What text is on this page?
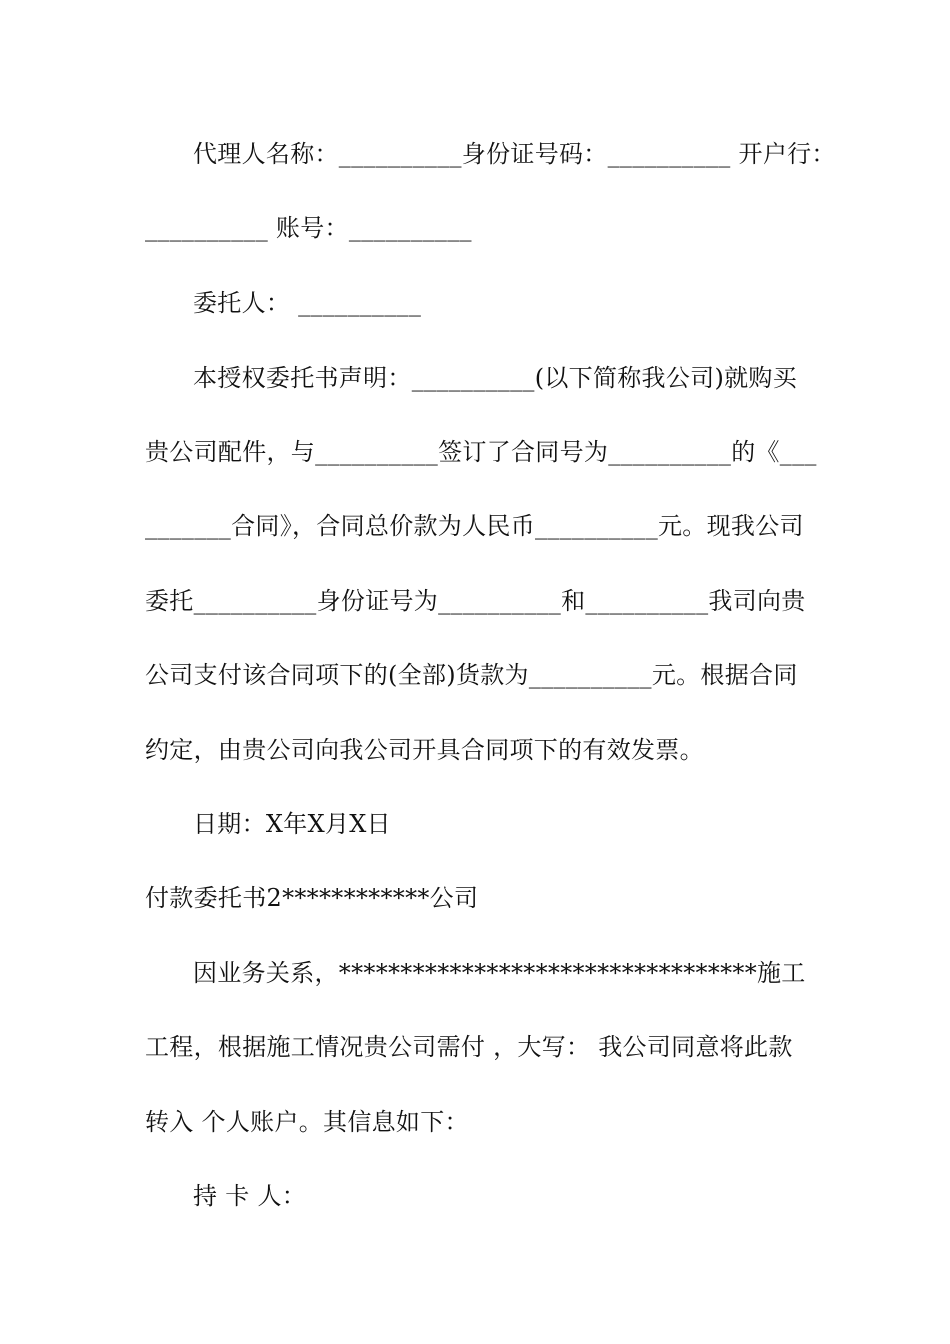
代理人名称：__________身份证号码：__________ 开户行：
__________ 账号：__________
委托人： __________
本授权委托书声明：__________(以下简称我公司)就购买
贵公司配件，与__________签订了合同号为__________的《___
_______合同》，合同总价款为人民币__________元。现我公司
委托__________身份证号为__________和__________我司向贵
公司支付该合同项下的(全部)货款为__________元。根据合同
约定，由贵公司向我公司开具合同项下的有效发票。
日期：X年X月X日
付款委托书2************公司
因业务关系，**********************************施工
工程，根据施工情况贵公司需付 ，大写： 我公司同意将此款
转入 个人账户。其信息如下：
持 卡 人：
